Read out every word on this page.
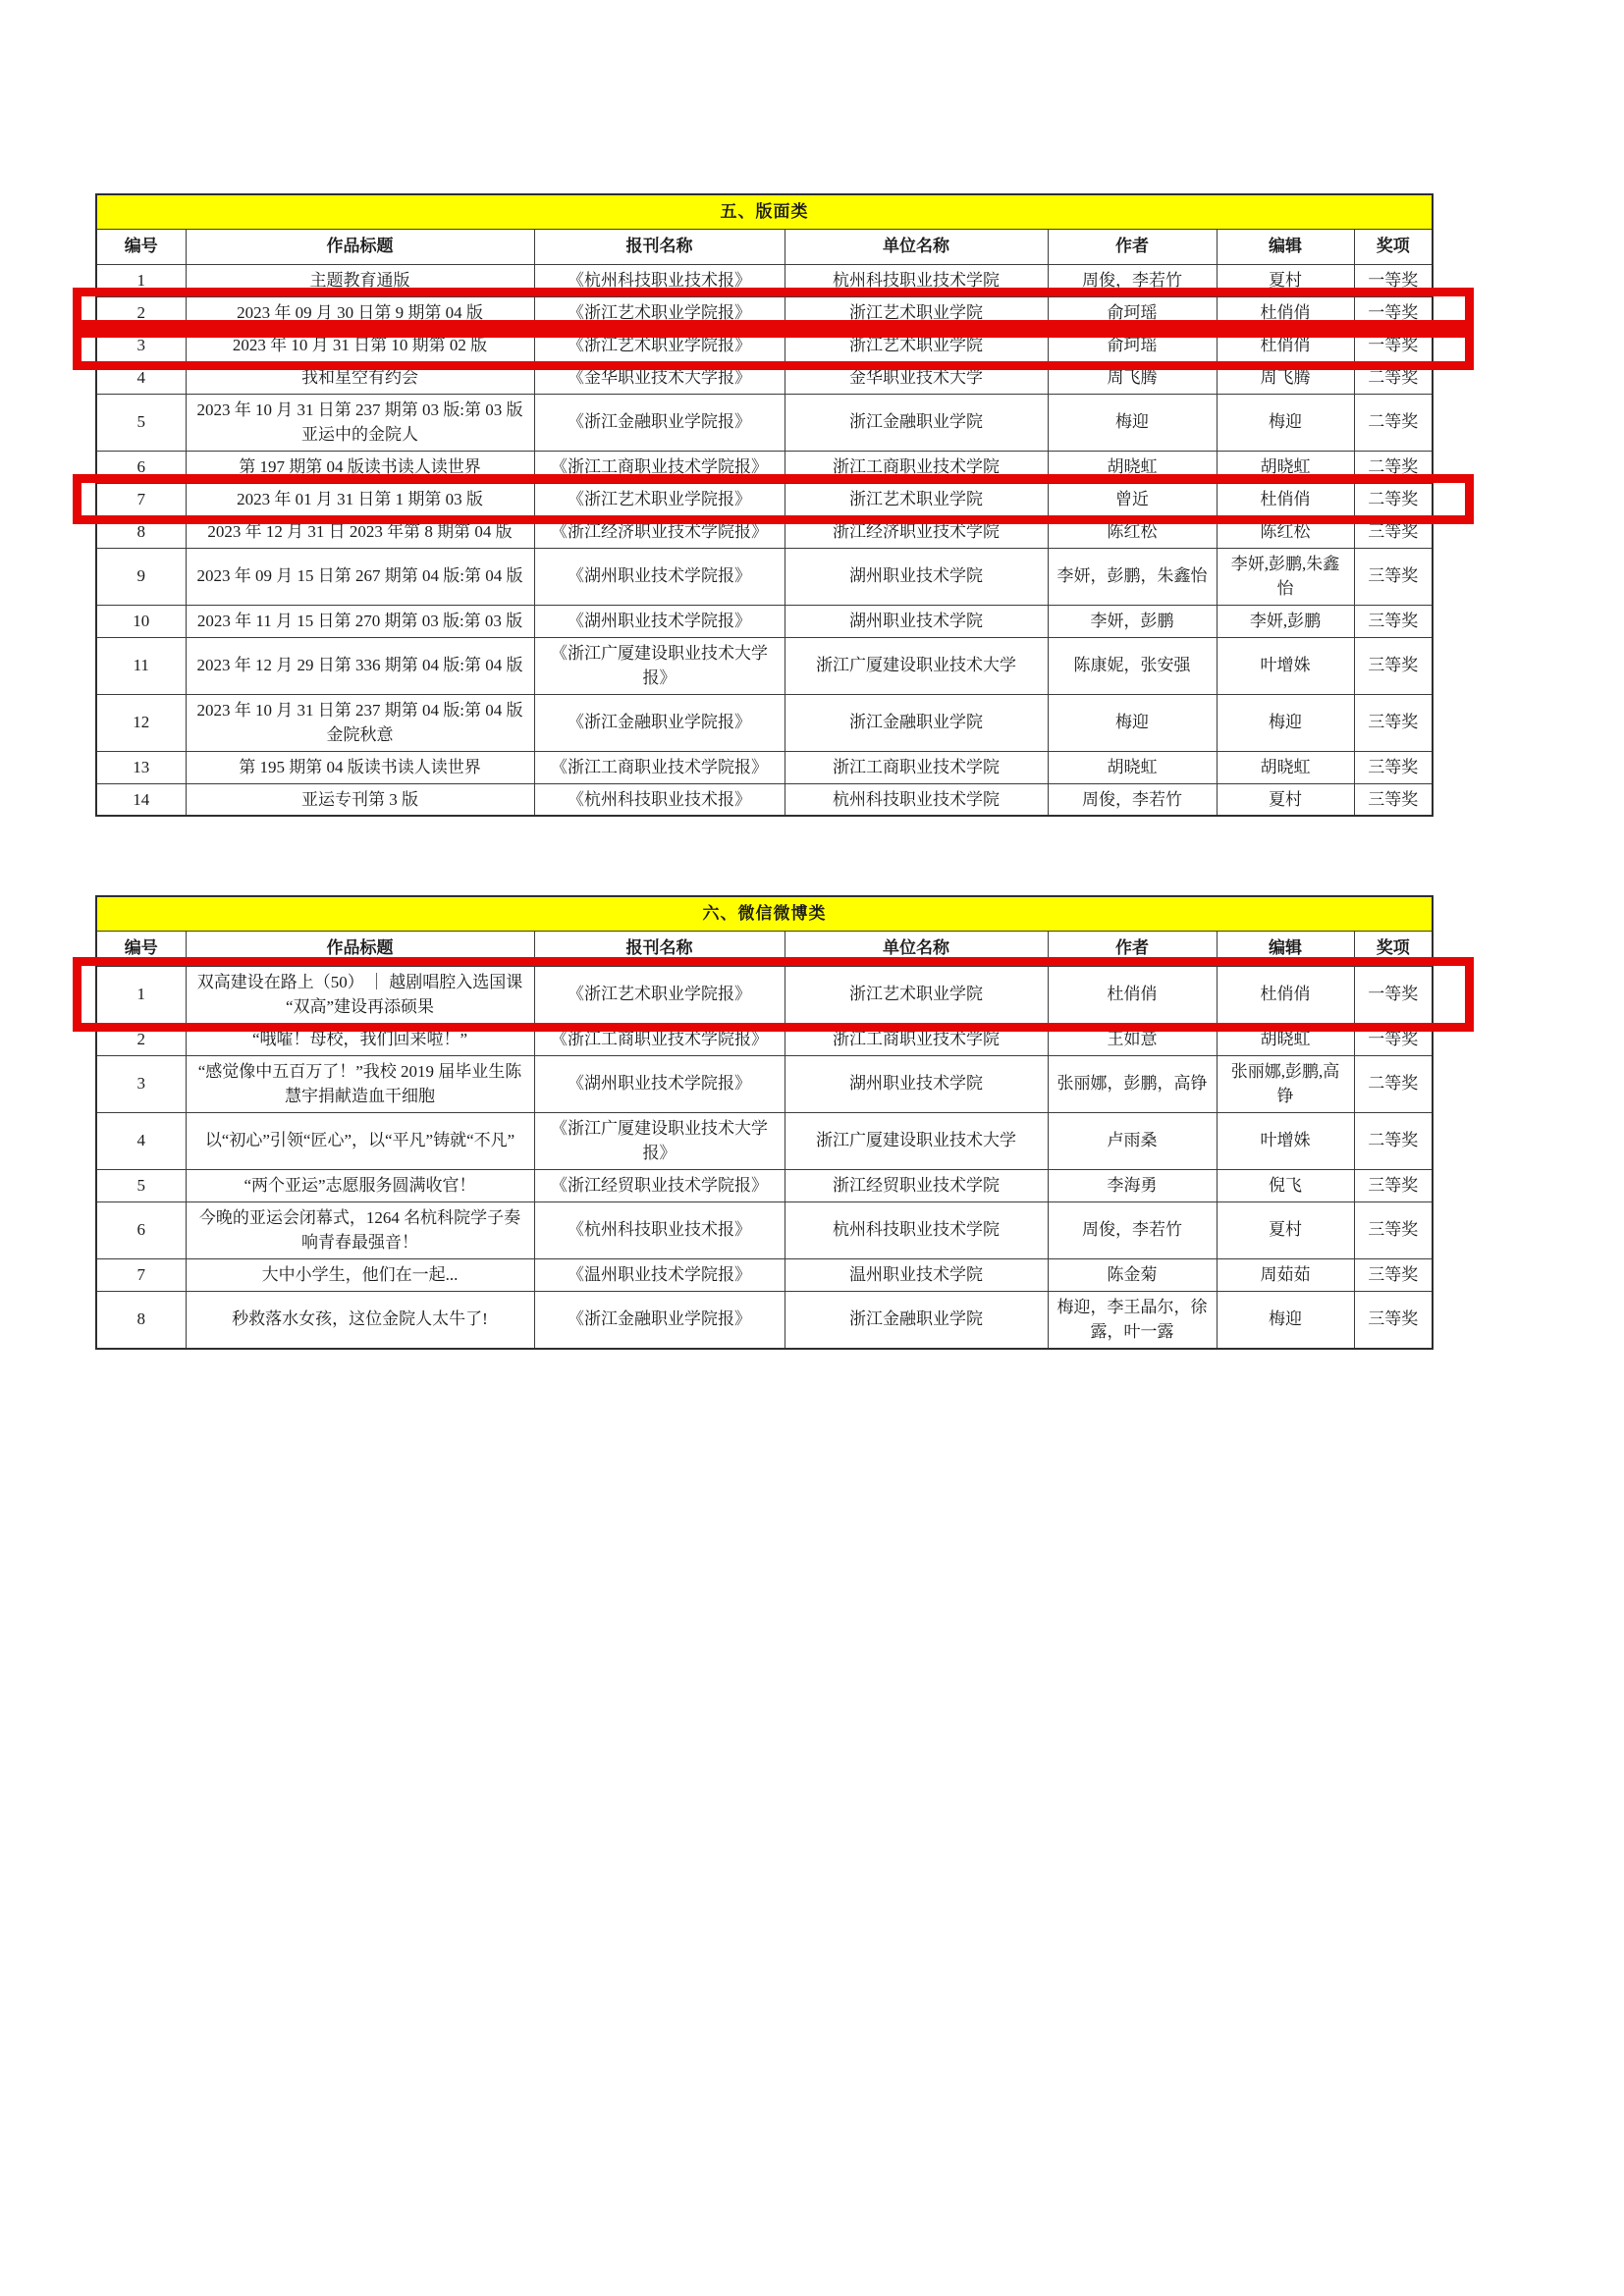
五、版面类						
编号	作品标题	报刊名称	单位名称	作者	编辑	奖项
1	主题教育通版	《杭州科技职业技术报》	杭州科技职业技术学院	周俊，李若竹	夏村	一等奖
2	2023 年 09 月 30 日第 9 期第 04 版	《浙江艺术职业学院报》	浙江艺术职业学院	俞珂瑶	杜俏俏	一等奖
3	2023 年 10 月 31 日第 10 期第 02 版	《浙江艺术职业学院报》	浙江艺术职业学院	俞珂瑶	杜俏俏	一等奖
4	我和星空有约会	《金华职业技术大学报》	金华职业技术大学	周飞腾	周飞腾	二等奖
5	2023 年 10 月 31 日第 237 期第 03 版:第 03 版　亚运中的金院人	《浙江金融职业学院报》	浙江金融职业学院	梅迎	梅迎	二等奖
6	第 197 期第 04 版读书读人读世界	《浙江工商职业技术学院报》	浙江工商职业技术学院	胡晓虹	胡晓虹	二等奖
7	2023 年 01 月 31 日第 1 期第 03 版	《浙江艺术职业学院报》	浙江艺术职业学院	曾近	杜俏俏	二等奖
8	2023 年 12 月 31 日 2023 年第 8 期第 04 版	《浙江经济职业技术学院报》	浙江经济职业技术学院	陈红松	陈红松	三等奖
9	2023 年 09 月 15 日第 267 期第 04 版:第 04 版	《湖州职业技术学院报》	湖州职业技术学院	李妍，彭鹏，朱鑫怡	李妍,彭鹏,朱鑫怡	三等奖
10	2023 年 11 月 15 日第 270 期第 03 版:第 03 版	《湖州职业技术学院报》	湖州职业技术学院	李妍，彭鹏	李妍,彭鹏	三等奖
11	2023 年 12 月 29 日第 336 期第 04 版:第 04 版	《浙江广厦建设职业技术大学报》	浙江广厦建设职业技术大学	陈康妮，张安强	叶增姝	三等奖
12	2023 年 10 月 31 日第 237 期第 04 版:第 04 版　金院秋意	《浙江金融职业学院报》	浙江金融职业学院	梅迎	梅迎	三等奖
13	第 195 期第 04 版读书读人读世界	《浙江工商职业技术学院报》	浙江工商职业技术学院	胡晓虹	胡晓虹	三等奖
14	亚运专刊第 3 版	《杭州科技职业技术报》	杭州科技职业技术学院	周俊，李若竹	夏村	三等奖
六、微信微博类						
编号	作品标题	报刊名称	单位名称	作者	编辑	奖项
1	双高建设在路上（50） ｜ 越剧唱腔入选国课 “双高”建设再添硕果	《浙江艺术职业学院报》	浙江艺术职业学院	杜俏俏	杜俏俏	一等奖
2	“哦嚯！母校，我们回来啦！”	《浙江工商职业技术学院报》	浙江工商职业技术学院	王如意	胡晓虹	一等奖
3	“感觉像中五百万了！”我校 2019 届毕业生陈慧宇捐献造血干细胞	《湖州职业技术学院报》	湖州职业技术学院	张丽娜，彭鹏，高铮	张丽娜,彭鹏,高铮	二等奖
4	以“初心”引领“匠心”，以“平凡”铸就“不凡”	《浙江广厦建设职业技术大学报》	浙江广厦建设职业技术大学	卢雨桑	叶增姝	二等奖
5	“两个亚运”志愿服务圆满收官！	《浙江经贸职业技术学院报》	浙江经贸职业技术学院	李海勇	倪飞	三等奖
6	今晚的亚运会闭幕式，1264 名杭科院学子奏响青春最强音！	《杭州科技职业技术报》	杭州科技职业技术学院	周俊，李若竹	夏村	三等奖
7	大中小学生，他们在一起...	《温州职业技术学院报》	温州职业技术学院	陈金菊	周茹茹	三等奖
8	秒救落水女孩，这位金院人太牛了!	《浙江金融职业学院报》	浙江金融职业学院	梅迎，李王晶尔，徐露，叶一露	梅迎	三等奖
